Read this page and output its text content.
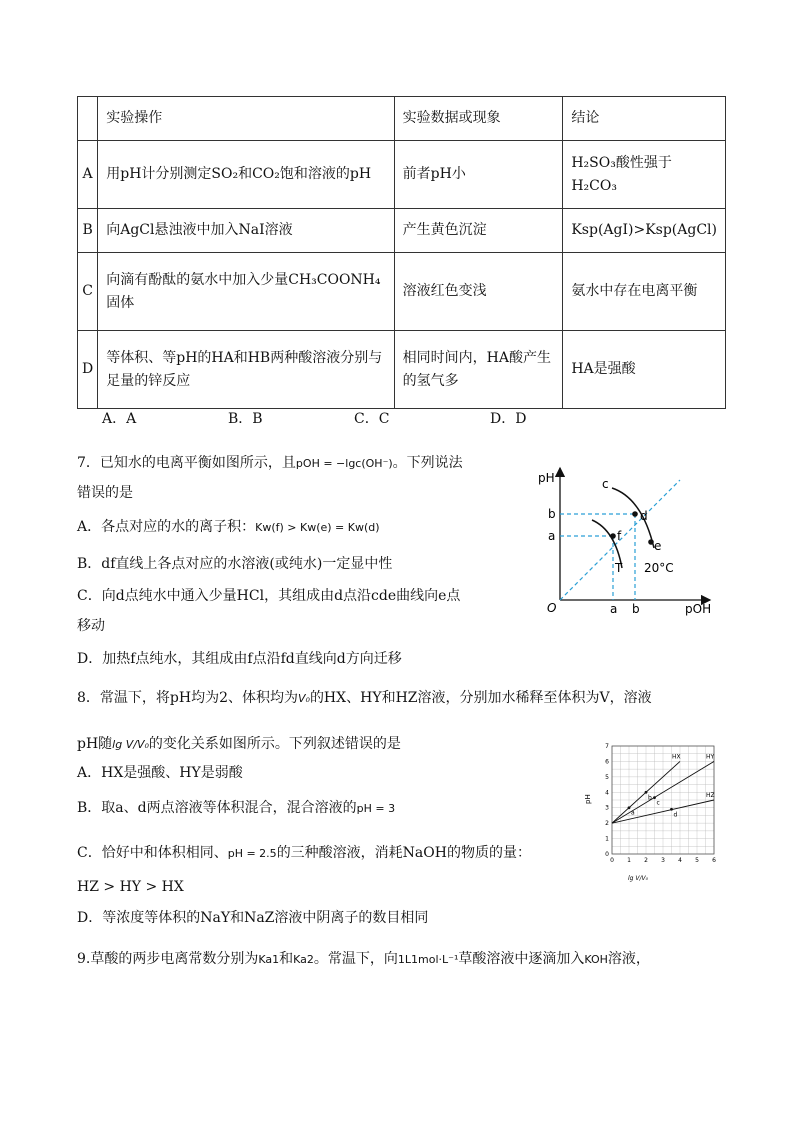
	实验操作	实验数据或现象	结论
A	用pH计分别测定SO₂和CO₂饱和溶液的pH	前者pH小	H₂SO₃酸性强于H₂CO₃
B	向AgCl悬浊液中加入NaI溶液	产生黄色沉淀	Ksp(AgI)>Ksp(AgCl)
C	向滴有酚酞的氨水中加入少量CH₃COONH₄固体	溶液红色变浅	氨水中存在电离平衡
D	等体积、等pH的HA和HB两种酸溶液分别与足量的锌反应	相同时间内，HA酸产生的氢气多	HA是强酸
A．A	B．B	C．C	D．D
7．已知水的电离平衡如图所示，且pOH = −lgc(OH⁻)。下列说法
错误的是
A．各点对应的水的离子积：Kw(f) > Kw(e) = Kw(d)
B．df直线上各点对应的水溶液(或纯水)一定显中性
C．向d点纯水中通入少量HCl，其组成由d点沿cde曲线向e点
移动
D．加热f点纯水，其组成由f点沿fd直线向d方向迁移
pH
pOH
O
b
a
a b
c
d
e
f
T 20°C
8．常温下，将pH均为2、体积均为V₀的HX、HY和HZ溶液，分别加水稀释至体积为V，溶液
pH随lg V/V₀的变化关系如图所示。下列叙述错误的是
A．HX是强酸、HY是弱酸
B．取a、d两点溶液等体积混合，混合溶液的pH = 3
C．恰好中和体积相同、pH = 2.5的三种酸溶液，消耗NaOH的物质的量：
HZ > HY > HX
D．等浓度等体积的NaY和NaZ溶液中阴离子的数目相同
0 1 2 3 4 5 6
0
1
2
3
4
5
6
7
pH
lg V/V₀
HX	HY
HZ
a
b
c
d
9.草酸的两步电离常数分别为Ka1和Ka2。常温下，向1L1mol·L⁻¹草酸溶液中逐滴加入KOH溶液，
